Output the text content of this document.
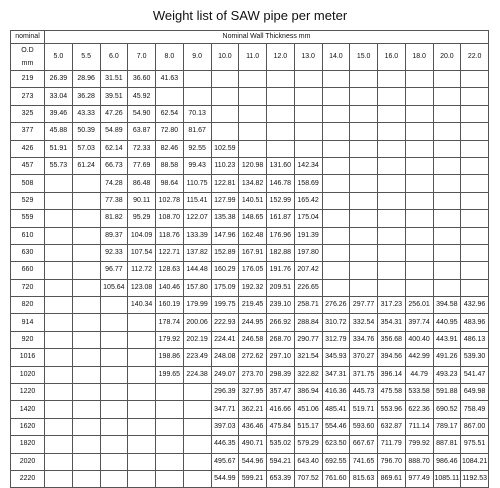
Weight list of SAW pipe per meter
nominal	Nominal Wall Thickness mm															

O.D
mm	5.0	5.5	6.0	7.0	8.0	9.0	10.0	11.0	12.0	13.0	14.0	15.0	16.0	18.0	20.0	22.0
219	26.39	28.96	31.51	36.60	41.63											
273	33.04	36.28	39.51	45.92												
325	39.46	43.33	47.26	54.90	62.54	70.13										
377	45.88	50.39	54.89	63.87	72.80	81.67										
426	51.91	57.03	62.14	72.33	82.46	92.55	102.59									
457	55.73	61.24	66.73	77.69	88.58	99.43	110.23	120.98	131.60	142.34						
508			74.28	86.48	98.64	110.75	122.81	134.82	146.78	158.69						
529			77.38	90.11	102.78	115.41	127.99	140.51	152.99	165.42						
559			81.82	95.29	108.70	122.07	135.38	148.65	161.87	175.04						
610			89.37	104.09	118.76	133.39	147.96	162.48	176.96	191.39						
630			92.33	107.54	122.71	137.82	152.89	167.91	182.88	197.80						
660			96.77	112.72	128.63	144.48	160.29	176.05	191.76	207.42						
720			105.64	123.08	140.46	157.80	175.09	192.32	209.51	226.65						
820				140.34	160.19	179.99	199.75	219.45	239.10	258.71	276.26	297.77	317.23	256.01	394.58	432.96
914					178.74	200.06	222.93	244.95	266.92	288.84	310.72	332.54	354.31	397.74	440.95	483.96
920					179.92	202.19	224.41	246.58	268.70	290.77	312.79	334.76	356.68	400.40	443.91	486.13
1016					198.86	223.49	248.08	272.62	297.10	321.54	345.93	370.27	394.56	442.99	491.26	539.30
1020					199.65	224.38	249.07	273.70	298.39	322.82	347.31	371.75	396.14	44.79	493.23	541.47
1220							296.39	327.95	357.47	386.94	416.36	445.73	475.58	533.58	591.88	649.98
1420							347.71	362.21	416.66	451.06	485.41	519.71	553.96	622.36	690.52	758.49
1620							397.03	436.46	475.84	515.17	554.46	593.60	632.87	711.14	789.17	867.00
1820							446.35	490.71	535.02	579.29	623.50	667.67	711.79	799.92	887.81	975.51
2020							495.67	544.96	594.21	643.40	692.55	741.65	796.70	888.70	986.46	1084.21
2220							544.99	599.21	653.39	707.52	761.60	815.63	869.61	977.49	1085.11	1192.53
